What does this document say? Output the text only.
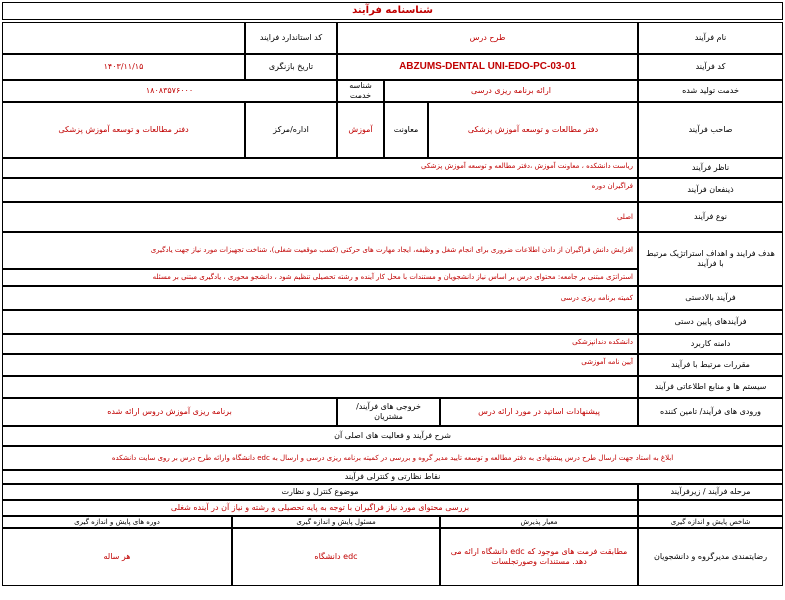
شناسنامه فرآیند
نام فرآیند
طرح درس
کد استاندارد فرایند
کد فرآیند
ABZUMS-DENTAL UNI-EDO-PC-03-01
تاریخ بازنگری
۱۴۰۳/۱۱/۱۵
خدمت تولید شده
ارائه برنامه ریزی درسی
شناسه خدمت
۱۸۰۸۳۵۷۶۰۰۰
صاحب فرآیند
دفتر مطالعات و توسعه آموزش پزشکی
معاونت
آموزش
اداره/مرکز
دفتر مطالعات و توسعه آموزش پزشکی
ناظر فرآیند
ریاست دانشکده ، معاونت آموزش ،دفتر مطالعه و توسعه آموزش پزشکی
ذینفعان فرآیند
فراگیران دوره
نوع فرآیند
اصلی
هدف فرایند و اهداف استراتژیک مرتبط با فرآیند
افزایش دانش فراگیران از دادن اطلاعات ضروری برای انجام شغل و وظیفه، ایجاد مهارت های حرکتی (کسب موقعیت شغلی)، شناخت تجهیزات مورد نیاز جهت یادگیری
استراتژی مبتنی بر جامعه: محتوای درس بر اساس نیاز دانشجویان و مستندات با محل کار آینده و رشته تحصیلی تنظیم شود ، دانشجو محوری ، یادگیری مبتنی بر مسئله
فرآیند بالادستی
کمیته برنامه ریزی درسی
فرآیندهای پایین دستی
دامنه کاربرد
دانشکده دندانپزشکی
مقررات مرتبط با فرآیند
آیین نامه آموزشی
سیستم ها و منابع اطلاعاتی فرآیند
ورودی های فرآیند/ تامین کننده
پیشنهادات اساتید در مورد ارائه درس
خروجی های فرآیند/ مشتریان
برنامه ریزی آموزش دروس ارائه شده
شرح فرآیند و فعالیت های اصلی آن
ابلاغ به استاد جهت ارسال طرح درس پیشنهادی به دفتر مطالعه و توسعه تایید مدیر گروه و بررسی در کمیته برنامه ریزی درسی و ارسال به edc دانشگاه وارائه طرح درس بر روی سایت دانشکده
نقاط نظارتی و کنترلی فرآیند
مرحله فرآیند / زیرفرآیند
موضوع کنترل و نظارت
بررسی محتوای مورد نیاز فراگیران با توجه به پایه تحصیلی و رشته و نیاز آن در آینده شغلی
شاخص پایش و اندازه گیری
معیار پذیرش
مسئول پایش و اندازه گیری
دوره های پایش و اندازه گیری
رضایتمندی مدیرگروه و دانشجویان
مطابقت فرمت های موجود که edc دانشگاه ارائه می دهد. مستندات وصورتجلسات
edc دانشگاه
هر ساله
